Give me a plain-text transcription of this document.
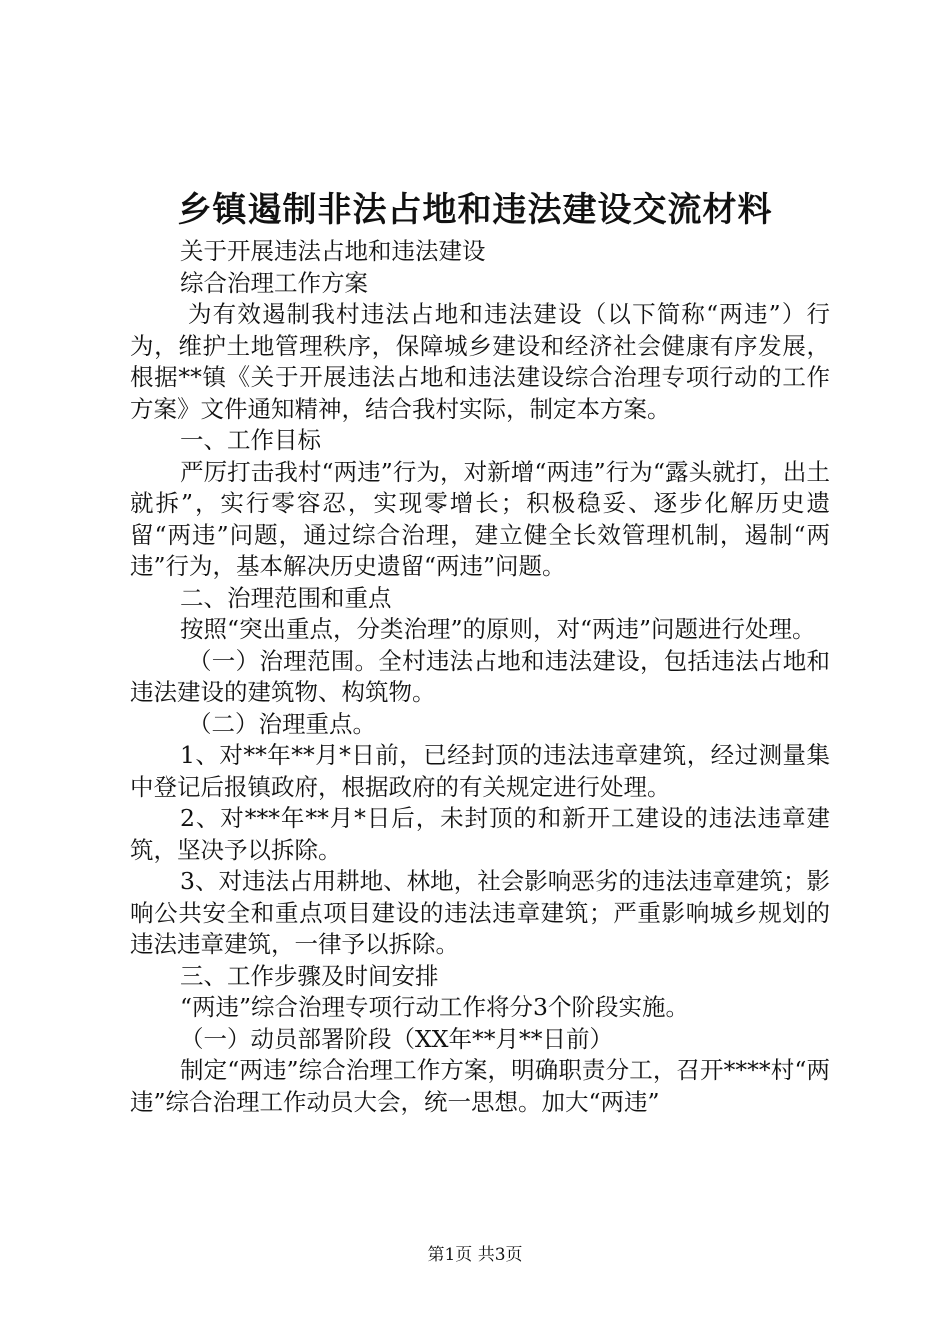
乡镇遏制非法占地和违法建设交流材料

关于开展违法占地和违法建设

综合治理工作方案

为有效遏制我村违法占地和违法建设（以下简称“两违”）行为，维护土地管理秩序，保障城乡建设和经济社会健康有序发展，根据**镇《关于开展违法占地和违法建设综合治理专项行动的工作方案》文件通知精神，结合我村实际，制定本方案。

一、工作目标

严厉打击我村“两违”行为，对新增“两违”行为“露头就打，出土就拆”，实行零容忍，实现零增长；积极稳妥、逐步化解历史遗留“两违”问题，通过综合治理，建立健全长效管理机制，遏制“两违”行为，基本解决历史遗留“两违”问题。

二、治理范围和重点

按照“突出重点，分类治理”的原则，对“两违”问题进行处理。

（一）治理范围。全村违法占地和违法建设，包括违法占地和违法建设的建筑物、构筑物。

（二）治理重点。

1、对**年**月*日前，已经封顶的违法违章建筑，经过测量集中登记后报镇政府，根据政府的有关规定进行处理。

2、对***年**月*日后，未封顶的和新开工建设的违法违章建筑，坚决予以拆除。

3、对违法占用耕地、林地，社会影响恶劣的违法违章建筑；影响公共安全和重点项目建设的违法违章建筑；严重影响城乡规划的违法违章建筑，一律予以拆除。

三、工作步骤及时间安排

“两违”综合治理专项行动工作将分3个阶段实施。

（一）动员部署阶段（XX年**月**日前）

制定“两违”综合治理工作方案，明确职责分工，召开****村“两违”综合治理工作动员大会，统一思想。加大“两违”

第1页 共3页
